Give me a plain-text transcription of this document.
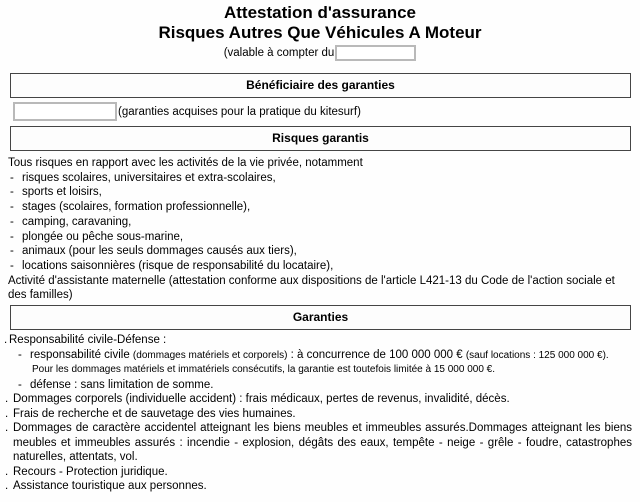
Attestation d'assurance
Risques Autres Que Véhicules A Moteur
(valable à compter du
Bénéficiaire des garanties
(garanties acquises pour la pratique du kitesurf)
Risques garantis
Tous risques en rapport avec les activités de la vie privée, notamment
- risques scolaires, universitaires et extra-scolaires,
- sports et loisirs,
- stages (scolaires, formation professionnelle),
- camping, caravaning,
- plongée ou pêche sous-marine,
- animaux (pour les seuls dommages causés aux tiers),
- locations saisonnières (risque de responsabilité du locataire),
Activité d'assistante maternelle (attestation conforme aux dispositions de l'article L421-13 du Code de l'action sociale et des familles)
Garanties
. Responsabilité civile-Défense :
- responsabilité civile (dommages matériels et corporels) : à concurrence de 100 000 000 € (sauf locations : 125 000 000 €).
Pour les dommages matériels et immatériels consécutifs, la garantie est toutefois limitée à 15 000 000 €.
- défense : sans limitation de somme.
. Dommages corporels (individuelle accident) : frais médicaux, pertes de revenus, invalidité, décès.
. Frais de recherche et de sauvetage des vies humaines.
. Dommages de caractère accidentel atteignant les biens meubles et immeubles assurés.Dommages atteignant les biens meubles et immeubles assurés : incendie - explosion, dégâts des eaux, tempête - neige - grêle - foudre, catastrophes naturelles, attentats, vol.
. Recours - Protection juridique.
. Assistance touristique aux personnes.
